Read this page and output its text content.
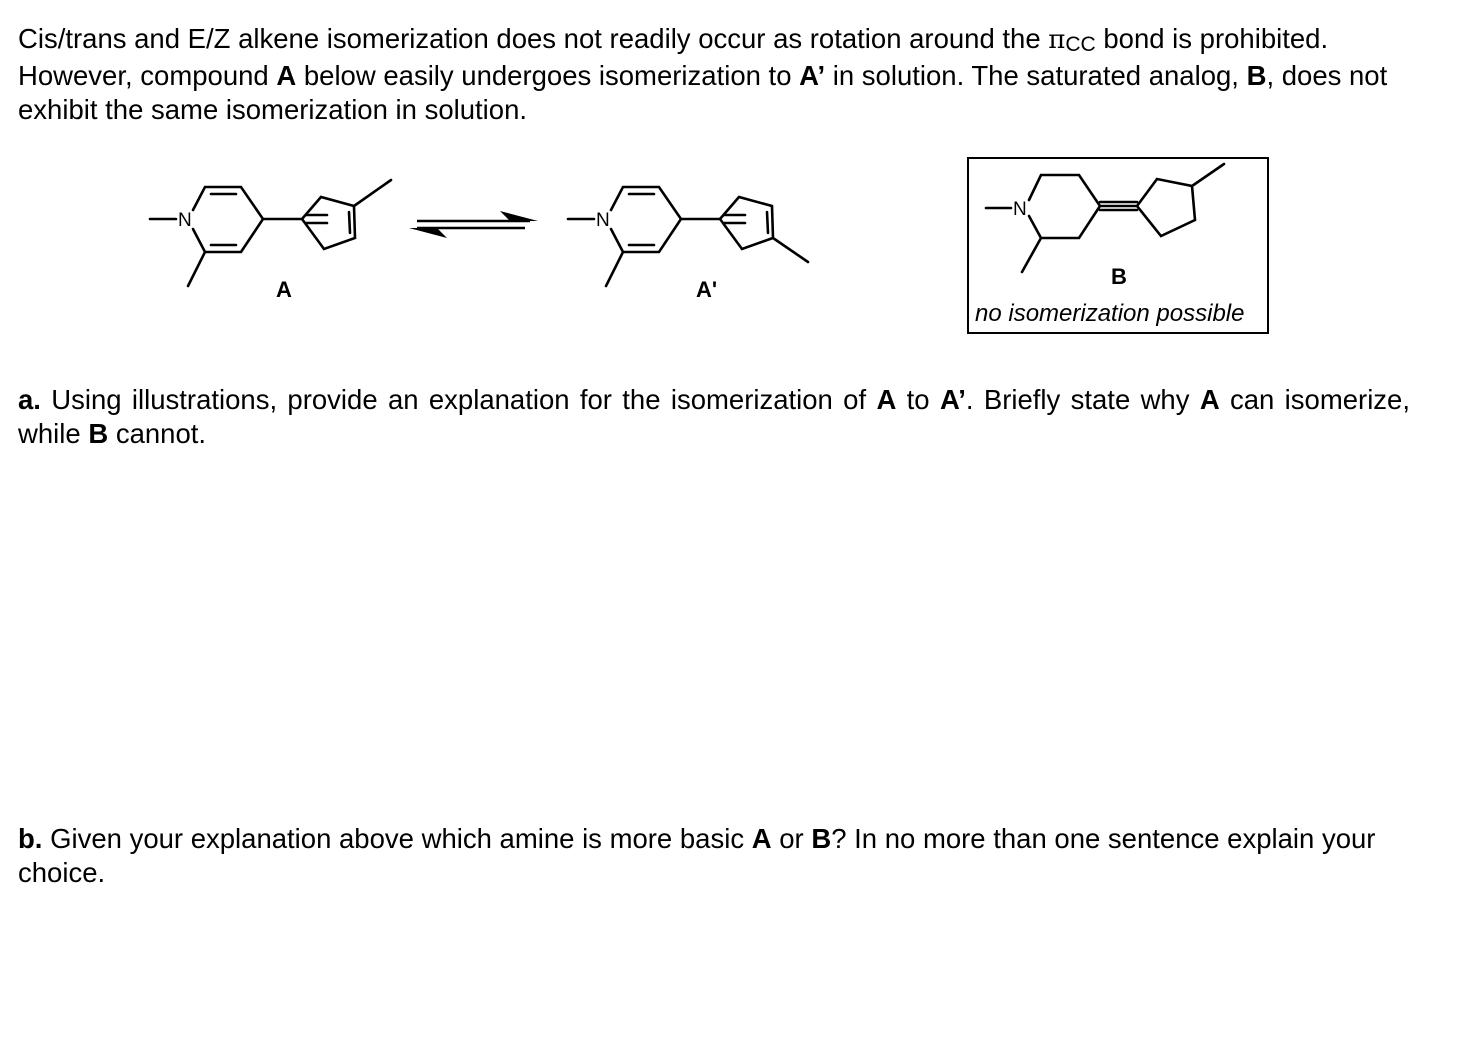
Cis/trans and E/Z alkene isomerization does not readily occur as rotation around the πCC bond is prohibited. However, compound A below easily undergoes isomerization to A’ in solution. The saturated analog, B, does not exhibit the same isomerization in solution.

N	N
N
A	A'
B
no isomerization possible

a. Using illustrations, provide an explanation for the isomerization of A to A’. Briefly state why A can isomerize, while B cannot.

b. Given your explanation above which amine is more basic A or B? In no more than one sentence explain your choice.
